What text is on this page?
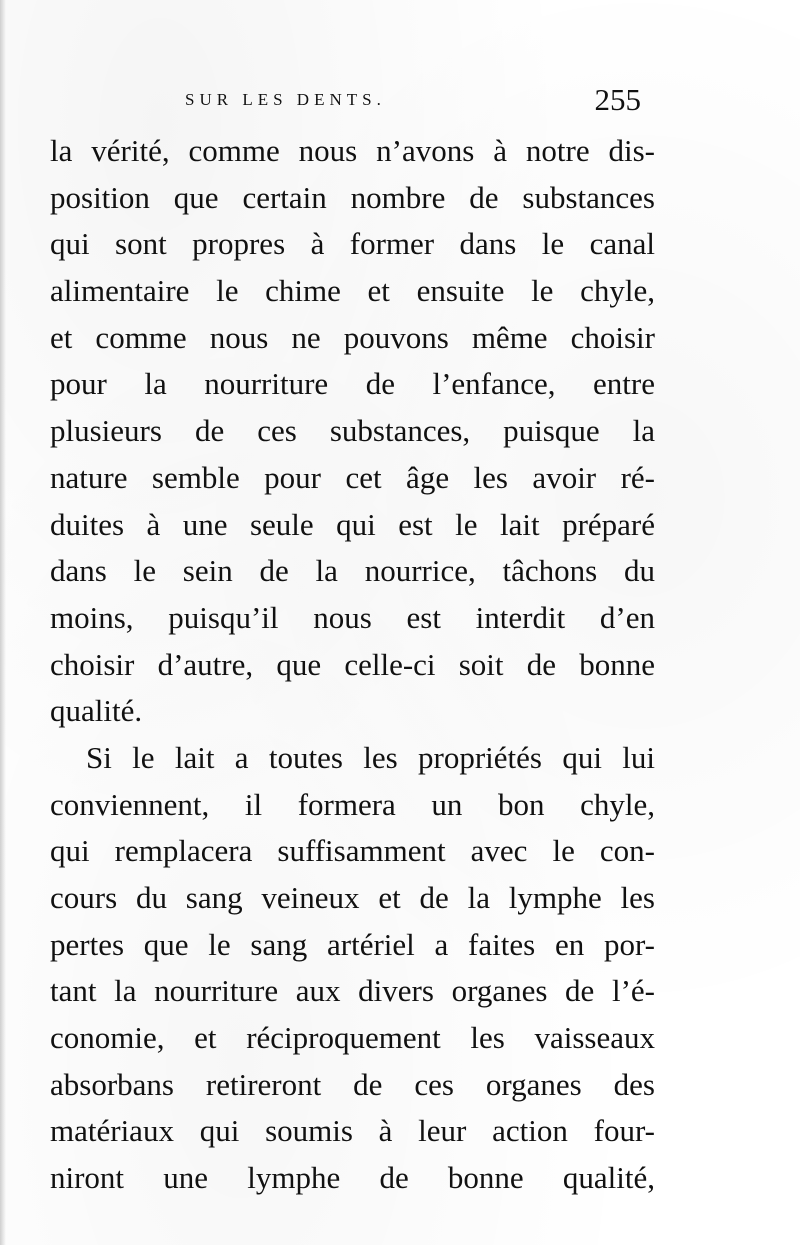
SUR LES DENTS.	255
la vérité, comme nous n’avons à notre dis-
position que certain nombre de substances
qui sont propres à former dans le canal
alimentaire le chime et ensuite le chyle,
et comme nous ne pouvons même choisir
pour la nourriture de l’enfance, entre
plusieurs de ces substances, puisque la
nature semble pour cet âge les avoir ré-
duites à une seule qui est le lait préparé
dans le sein de la nourrice, tâchons du
moins, puisqu’il nous est interdit d’en
choisir d’autre, que celle-ci soit de bonne
qualité.
Si le lait a toutes les propriétés qui lui
conviennent, il formera un bon chyle,
qui remplacera suffisamment avec le con-
cours du sang veineux et de la lymphe les
pertes que le sang artériel a faites en por-
tant la nourriture aux divers organes de l’é-
conomie, et réciproquement les vaisseaux
absorbans retireront de ces organes des
matériaux qui soumis à leur action four-
niront une lymphe de bonne qualité,
